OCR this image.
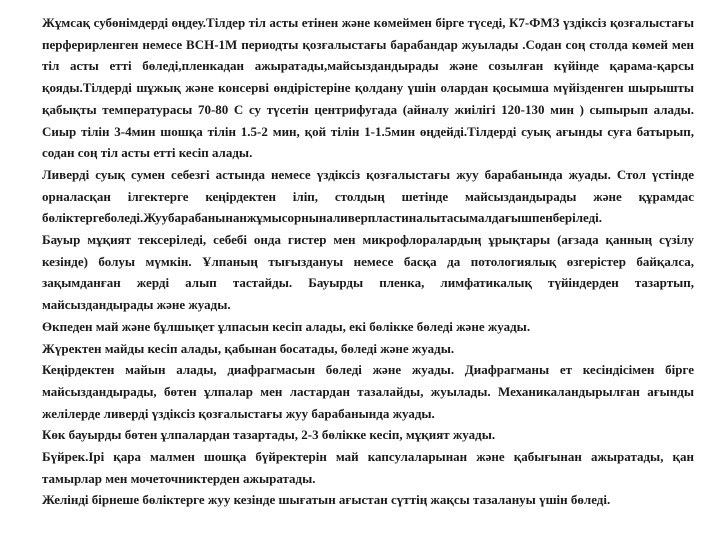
Жұмсақ субөнімдерді өңдеу.Тілдер тіл асты етінен және көмеймен бірге түседі, К7-ФМЗ үздіксіз қозғалыстағы перферирленген немесе ВСН-1М периодты қозғалыстағы барабандар жуылады .Содан соң столда көмей мен тіл асты етті бөледі,пленкадан ажыратады,майсыздандырады және созылған күйінде қарама-қарсы қояды.Тілдерді шұжық және консерві өндірістеріне қолдану үшін олардан қосымша мүйізденген шырышты қабықты температурасы 70-80 С су түсетін центрифугада (айналу жиілігі 120-130 мин ) сыпырып алады. Сиыр тілін 3-4мин шошқа тілін 1.5-2 мин, қой тілін 1-1.5мин өңдейді.Тілдерді суық ағынды суға батырып, содан соң тіл асты етті кесіп алады.

Ливерді суық сумен себезгі астында немесе үздіксіз қозғалыстағы жуу барабанында жуады. Стол үстінде орналасқан ілгектерге кеңірдектен іліп, столдың шетінде майсыздандырады және құрамдас бөліктергеболеді.Жуубарабанынанжұмысорныналиверпластиналытасымалдағышпенберіледі.

Бауыр мұқият тексеріледі, себебі онда гистер мен микрофлоралардың ұрықтары (ағзада қанның сүзілу кезінде) болуы мүмкін. Ұлпаның тығыздануы немесе басқа да потологиялық өзгерістер байқалса, зақымданған жерді алып тастайды. Бауырды пленка, лимфатикалық түйіндерден тазартып, майсыздандырады және жуады.

Өкпеден май және бұлшықет ұлпасын кесіп алады, екі бөлікке бөледі және жуады.

Жүректен майды кесіп алады, қабынан босатады, бөледі және жуады.

Кеңірдектен майын алады, диафрагмасын бөледі және жуады. Диафрагманы ет кесіндісімен бірге майсыздандырады, бөтен ұлпалар мен ластардан тазалайды, жуылады. Механикаландырылған ағынды желілерде ливерді үздіксіз қозғалыстағы жуу барабанында жуады.

Көк бауырды бөтен ұлпалардан тазартады, 2-3 бөлікке кесіп, мұқият жуады.

Бүйрек.Ірі қара малмен шошқа бүйректерін май капсулаларынан және қабығынан ажыратады, қан тамырлар мен мочеточниктерден ажыратады.

Желінді бірнеше бөліктерге жуу кезінде шығатын ағыстан сүттің жақсы тазалануы үшін бөледі.
